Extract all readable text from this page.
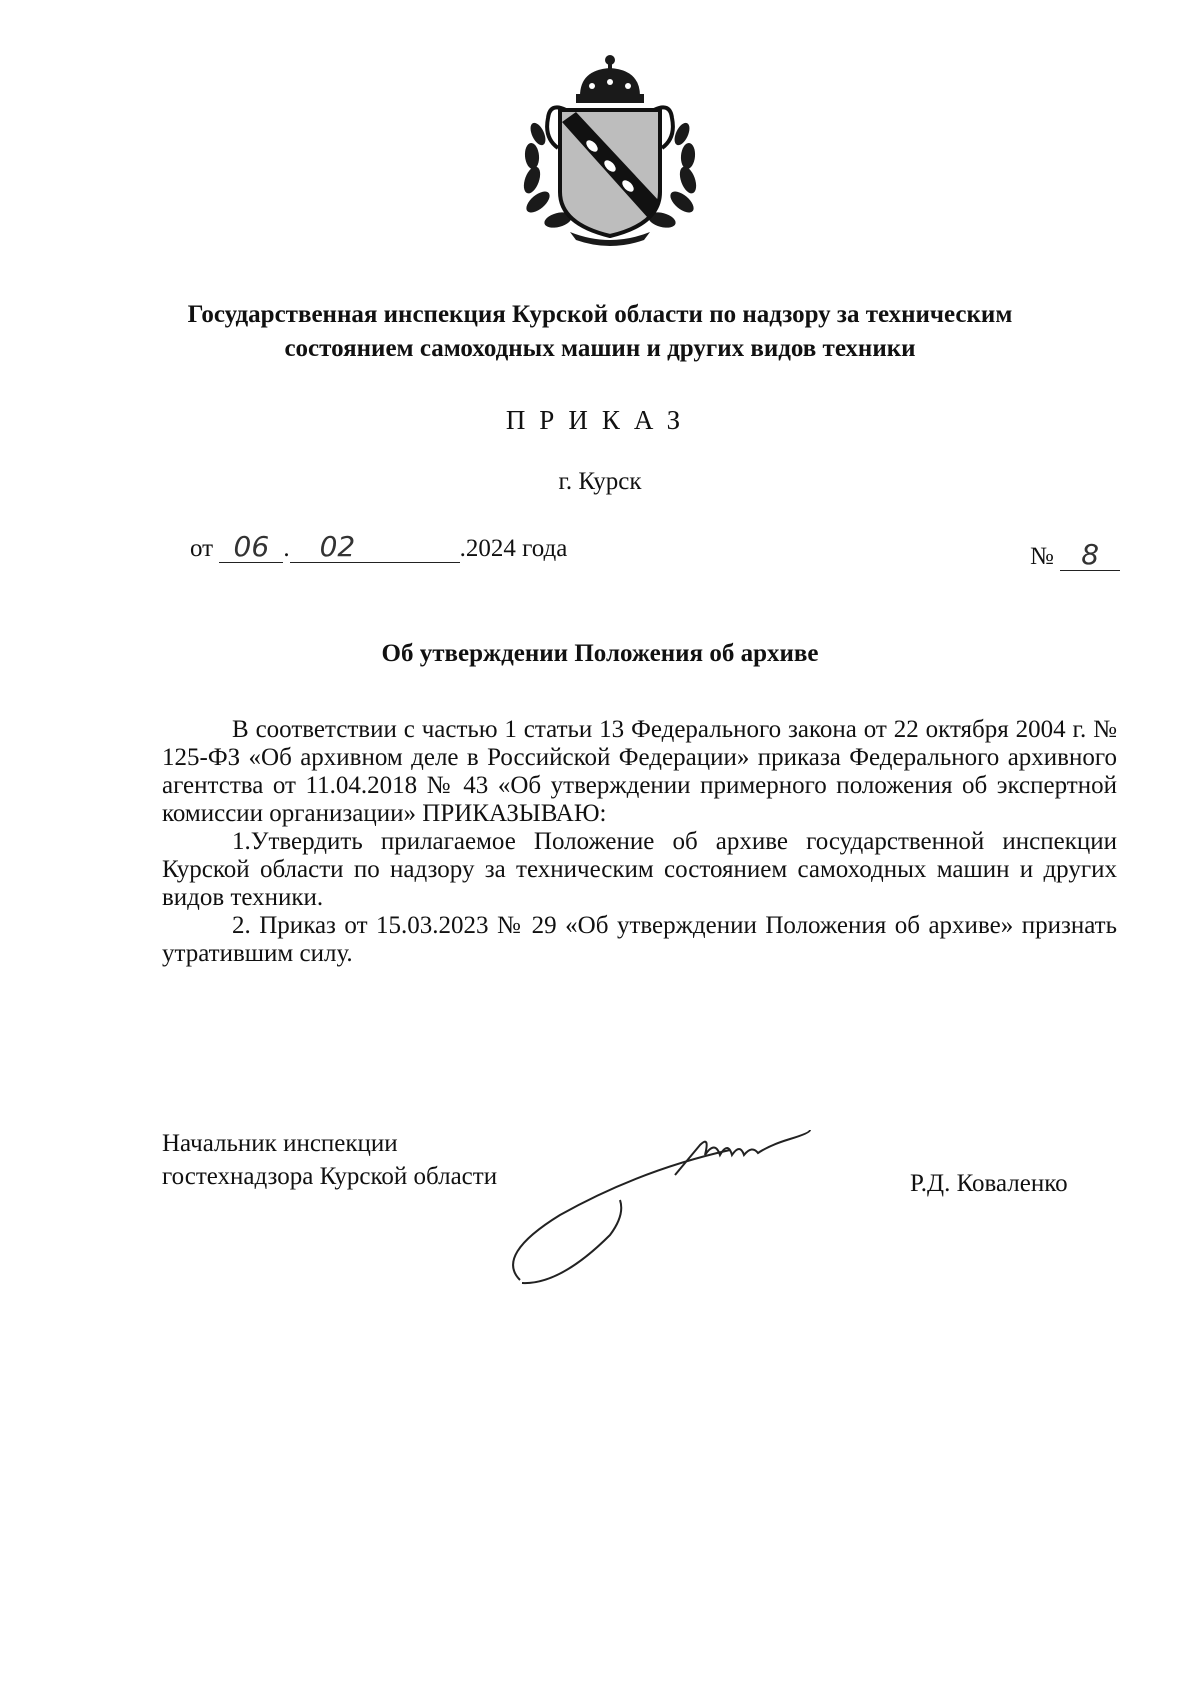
Государственная инспекция Курской области по надзору за техническим состоянием самоходных машин и других видов техники
ПРИКАЗ
г. Курск
от 06 . 02	.2024 года	№ 8
Об утверждении Положения об архиве

В соответствии с частью 1 статьи 13 Федерального закона от 22 октября 2004 г. № 125-ФЗ «Об архивном деле в Российской Федерации» приказа Федерального архивного агентства от 11.04.2018 № 43 «Об утверждении примерного положения об экспертной комиссии организации» ПРИКАЗЫВАЮ:

1.Утвердить прилагаемое Положение об архиве государственной инспекции Курской области по надзору за техническим состоянием самоходных машин и других видов техники.

2. Приказ от 15.03.2023 № 29 «Об утверждении Положения об архиве» признать утратившим силу.

Начальник инспекции
гостехнадзора Курской области	Р.Д. Коваленко
